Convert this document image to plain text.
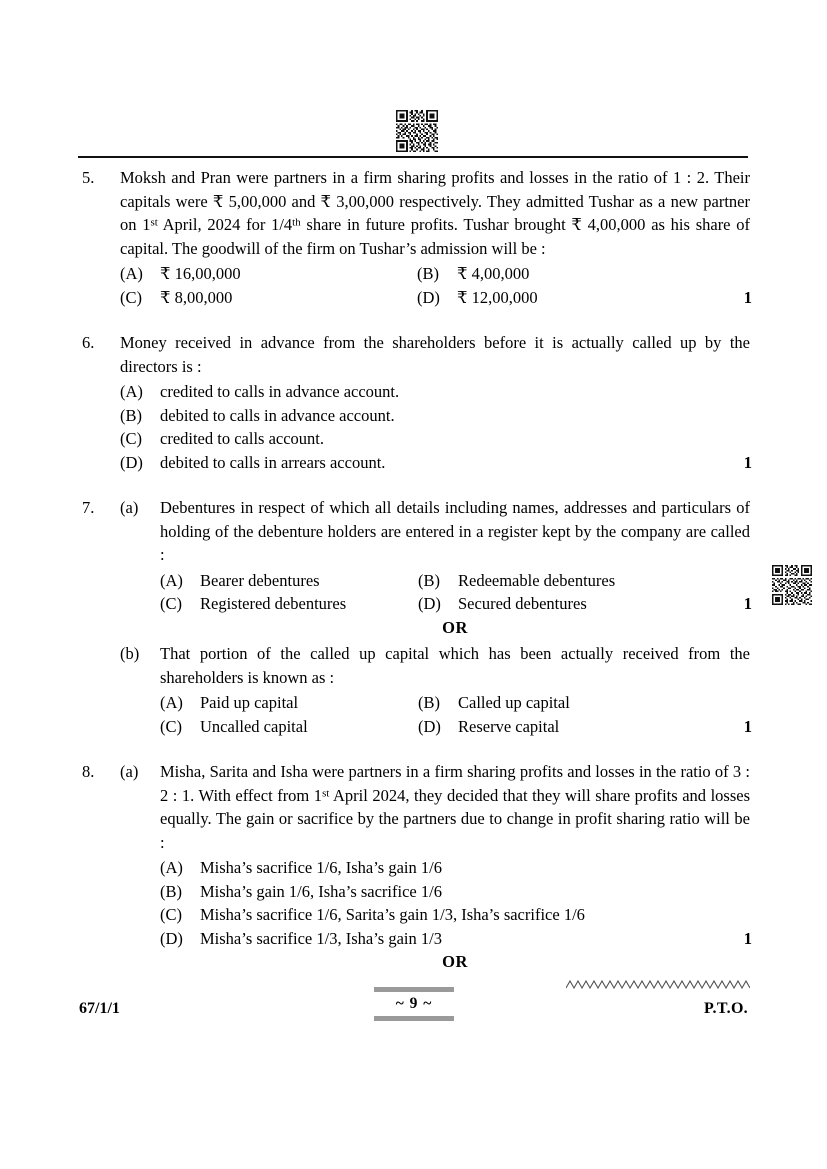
5.	Moksh and Pran were partners in a firm sharing profits and losses in the ratio of 1 : 2. Their capitals were ₹ 5,00,000 and ₹ 3,00,000 respectively. They admitted Tushar as a new partner on 1st April, 2024 for 1/4th share in future profits. Tushar brought ₹ 4,00,000 as his share of capital. The goodwill of the firm on Tushar’s admission will be :
(A)	₹ 16,00,000	(B)	₹ 4,00,000
(C)	₹ 8,00,000	(D)	₹ 12,00,000	1
6.	Money received in advance from the shareholders before it is actually called up by the directors is :
(A)	credited to calls in advance account.
(B)	debited to calls in advance account.
(C)	credited to calls account.
(D)	debited to calls in arrears account.	1
7.	(a)	Debentures in respect of which all details including names, addresses and particulars of holding of the debenture holders are entered in a register kept by the company are called :
(A)	Bearer debentures	(B)	Redeemable debentures
(C)	Registered debentures	(D)	Secured debentures	1
OR
(b)	That portion of the called up capital which has been actually received from the shareholders is known as :
(A)	Paid up capital	(B)	Called up capital
(C)	Uncalled capital	(D)	Reserve capital	1
8.	(a)	Misha, Sarita and Isha were partners in a firm sharing profits and losses in the ratio of 3 : 2 : 1. With effect from 1st April 2024, they decided that they will share profits and losses equally. The gain or sacrifice by the partners due to change in profit sharing ratio will be :
(A)	Misha’s sacrifice 1/6, Isha’s gain 1/6
(B)	Misha’s gain 1/6, Isha’s sacrifice 1/6
(C)	Misha’s sacrifice 1/6, Sarita’s gain 1/3, Isha’s sacrifice 1/6
(D)	Misha’s sacrifice 1/3, Isha’s gain 1/3	1
OR
67/1/1	~ 9 ~	P.T.O.
